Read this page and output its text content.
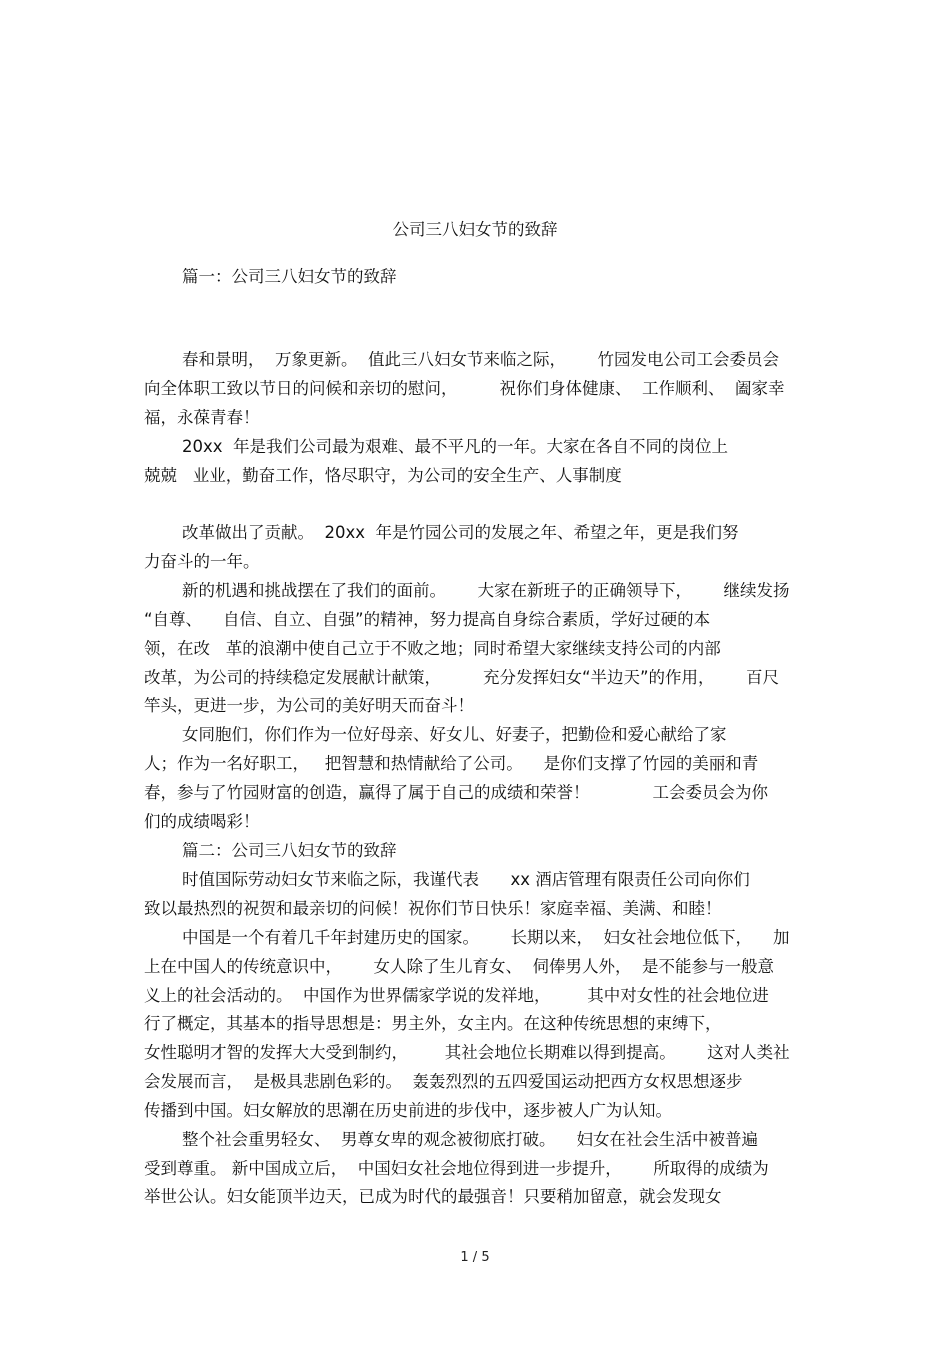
公司三八妇女节的致辞
篇一：公司三八妇女节的致辞
春和景明，  万象更新。  值此三八妇女节来临之际，      竹园发电公司工会委员会
向全体职工致以节日的问候和亲切的慰问，        祝你们身体健康、  工作顺利、  阖家幸
福，永葆青春！
20xx  年是我们公司最为艰难、最不平凡的一年。大家在各自不同的岗位上
兢兢   业业，勤奋工作，恪尽职守，为公司的安全生产、人事制度
改革做出了贡献。  20xx  年是竹园公司的发展之年、希望之年，更是我们努
力奋斗的一年。
新的机遇和挑战摆在了我们的面前。      大家在新班子的正确领导下，      继续发扬
“自尊、    自信、自立、自强”的精神，努力提高自身综合素质，学好过硬的本
领，在改   革的浪潮中使自己立于不败之地；同时希望大家继续支持公司的内部
改革，为公司的持续稳定发展献计献策，        充分发挥妇女“半边天”的作用，      百尺
竿头，更进一步，为公司的美好明天而奋斗！
女同胞们，你们作为一位好母亲、好女儿、好妻子，把勤俭和爱心献给了家
人；作为一名好职工，   把智慧和热情献给了公司。    是你们支撑了竹园的美丽和青
春，参与了竹园财富的创造，赢得了属于自己的成绩和荣誉！            工会委员会为你
们的成绩喝彩！
篇二：公司三八妇女节的致辞
时值国际劳动妇女节来临之际，我谨代表      xx 酒店管理有限责任公司向你们
致以最热烈的祝贺和最亲切的问候！祝你们节日快乐！家庭幸福、美满、和睦！
中国是一个有着几千年封建历史的国家。      长期以来，  妇女社会地位低下，    加
上在中国人的传统意识中，      女人除了生儿育女、  伺俸男人外，  是不能参与一般意
义上的社会活动的。  中国作为世界儒家学说的发祥地，       其中对女性的社会地位进
行了概定，其基本的指导思想是：男主外，女主内。在这种传统思想的束缚下，
女性聪明才智的发挥大大受到制约，       其社会地位长期难以得到提高。      这对人类社
会发展而言，  是极具悲剧色彩的。  轰轰烈烈的五四爱国运动把西方女权思想逐步
传播到中国。妇女解放的思潮在历史前进的步伐中，逐步被人广为认知。
整个社会重男轻女、  男尊女卑的观念被彻底打破。    妇女在社会生活中被普遍
受到尊重。 新中国成立后，  中国妇女社会地位得到进一步提升，      所取得的成绩为
举世公认。妇女能顶半边天，已成为时代的最强音！只要稍加留意，就会发现女
1 / 5
